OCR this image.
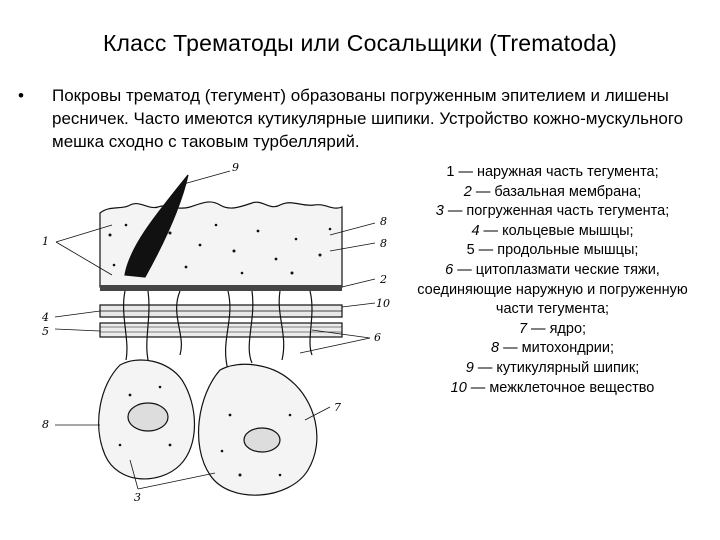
Класс Трематоды или Сосальщики (Trematoda)
•	Покровы трематод (тегумент) образованы погруженным эпителием и лишены ресничек. Часто имеются кутикулярные шипики. Устройство кожно-мускульного мешка сходно с таковым турбеллярий.
1 — наружная часть тегумента;
2 — базальная мембрана;
3 — погруженная часть тегумента;
4 — кольцевые мышцы;
5 — продольные мышцы;
6 — цитоплазмати ческие тяжи, соединяющие наружную и погруженную части тегумента;
7 — ядро;
8 — митохондрии;
9 — кутикулярный шипик;
10 — межклеточное вещество
1
4
5
8
3
9
8
8
2
10
6
7
